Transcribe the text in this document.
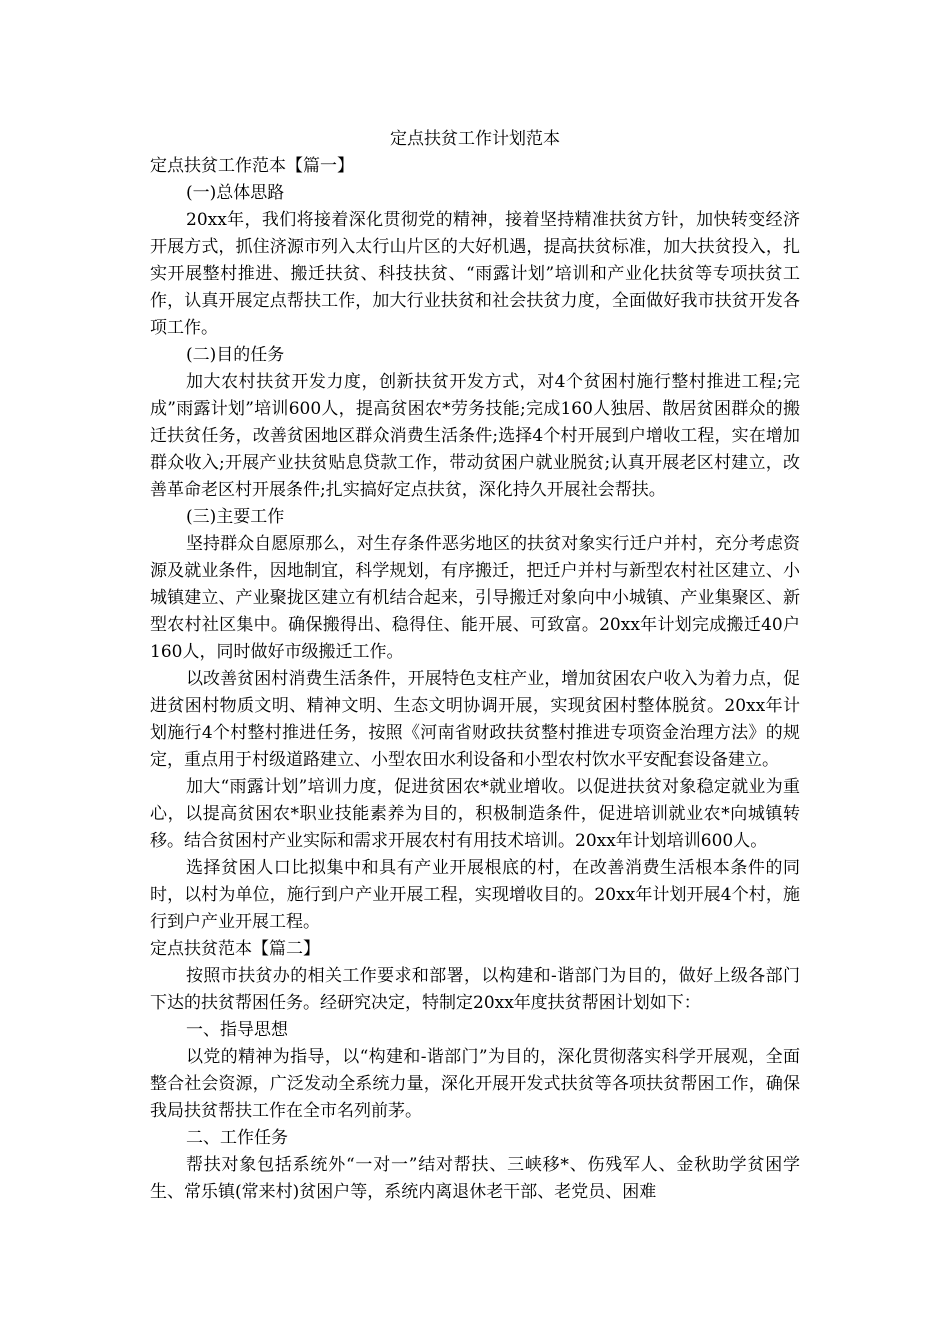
定点扶贫工作计划范本

定点扶贫工作范本【篇一】

(一)总体思路

20xx年，我们将接着深化贯彻党的精神，接着坚持精准扶贫方针，加快转变经济开展方式，抓住济源市列入太行山片区的大好机遇，提高扶贫标准，加大扶贫投入，扎实开展整村推进、搬迁扶贫、科技扶贫、“雨露计划”培训和产业化扶贫等专项扶贫工作，认真开展定点帮扶工作，加大行业扶贫和社会扶贫力度，全面做好我市扶贫开发各项工作。

(二)目的任务

加大农村扶贫开发力度，创新扶贫开发方式，对4个贫困村施行整村推进工程;完成”雨露计划”培训600人，提高贫困农*劳务技能;完成160人独居、散居贫困群众的搬迁扶贫任务，改善贫困地区群众消费生活条件;选择4个村开展到户增收工程，实在增加群众收入;开展产业扶贫贴息贷款工作，带动贫困户就业脱贫;认真开展老区村建立，改善革命老区村开展条件;扎实搞好定点扶贫，深化持久开展社会帮扶。

(三)主要工作

坚持群众自愿原那么，对生存条件恶劣地区的扶贫对象实行迁户并村，充分考虑资源及就业条件，因地制宜，科学规划，有序搬迁，把迁户并村与新型农村社区建立、小城镇建立、产业聚拢区建立有机结合起来，引导搬迁对象向中小城镇、产业集聚区、新型农村社区集中。确保搬得出、稳得住、能开展、可致富。20xx年计划完成搬迁40户160人，同时做好市级搬迁工作。

以改善贫困村消费生活条件，开展特色支柱产业，增加贫困农户收入为着力点，促进贫困村物质文明、精神文明、生态文明协调开展，实现贫困村整体脱贫。20xx年计划施行4个村整村推进任务，按照《河南省财政扶贫整村推进专项资金治理方法》的规定，重点用于村级道路建立、小型农田水利设备和小型农村饮水平安配套设备建立。

加大“雨露计划”培训力度，促进贫困农*就业增收。以促进扶贫对象稳定就业为重心，以提高贫困农*职业技能素养为目的，积极制造条件，促进培训就业农*向城镇转移。结合贫困村产业实际和需求开展农村有用技术培训。20xx年计划培训600人。

选择贫困人口比拟集中和具有产业开展根底的村，在改善消费生活根本条件的同时，以村为单位，施行到户产业开展工程，实现增收目的。20xx年计划开展4个村，施行到户产业开展工程。

定点扶贫范本【篇二】

按照市扶贫办的相关工作要求和部署，以构建和-谐部门为目的，做好上级各部门下达的扶贫帮困任务。经研究决定，特制定20xx年度扶贫帮困计划如下：

一、指导思想

以党的精神为指导，以“构建和-谐部门”为目的，深化贯彻落实科学开展观，全面整合社会资源，广泛发动全系统力量，深化开展开发式扶贫等各项扶贫帮困工作，确保我局扶贫帮扶工作在全市名列前茅。

二、工作任务

帮扶对象包括系统外“一对一”结对帮扶、三峡移*、伤残军人、金秋助学贫困学生、常乐镇(常来村)贫困户等，系统内离退休老干部、老党员、困难
